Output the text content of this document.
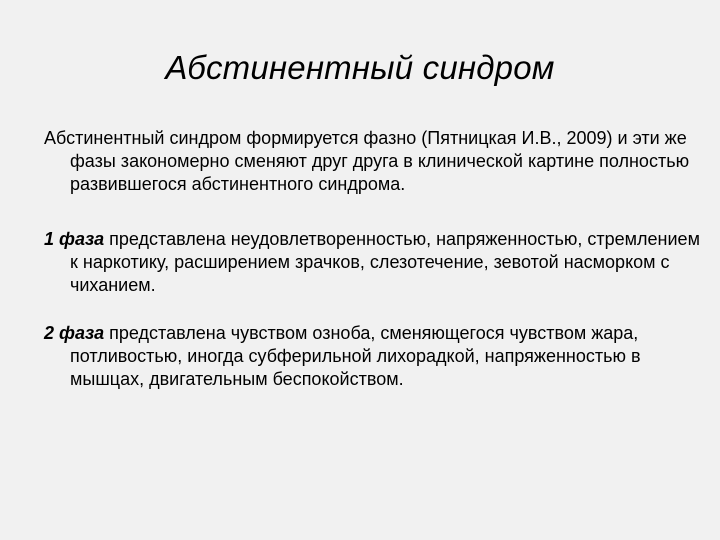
Абстинентный синдром

Абстинентный синдром формируется фазно (Пятницкая И.В., 2009) и эти же фазы закономерно сменяют друг друга в клинической картине полностью развившегося абстинентного синдрома.

1 фаза представлена неудовлетворенностью, напряженностью, стремлением к наркотику, расширением зрачков, слезотечение, зевотой насморком с чиханием.

2 фаза представлена чувством озноба, сменяющегося чувством жара, потливостью, иногда субферильной лихорадкой, напряженностью в мышцах, двигательным беспокойством.
